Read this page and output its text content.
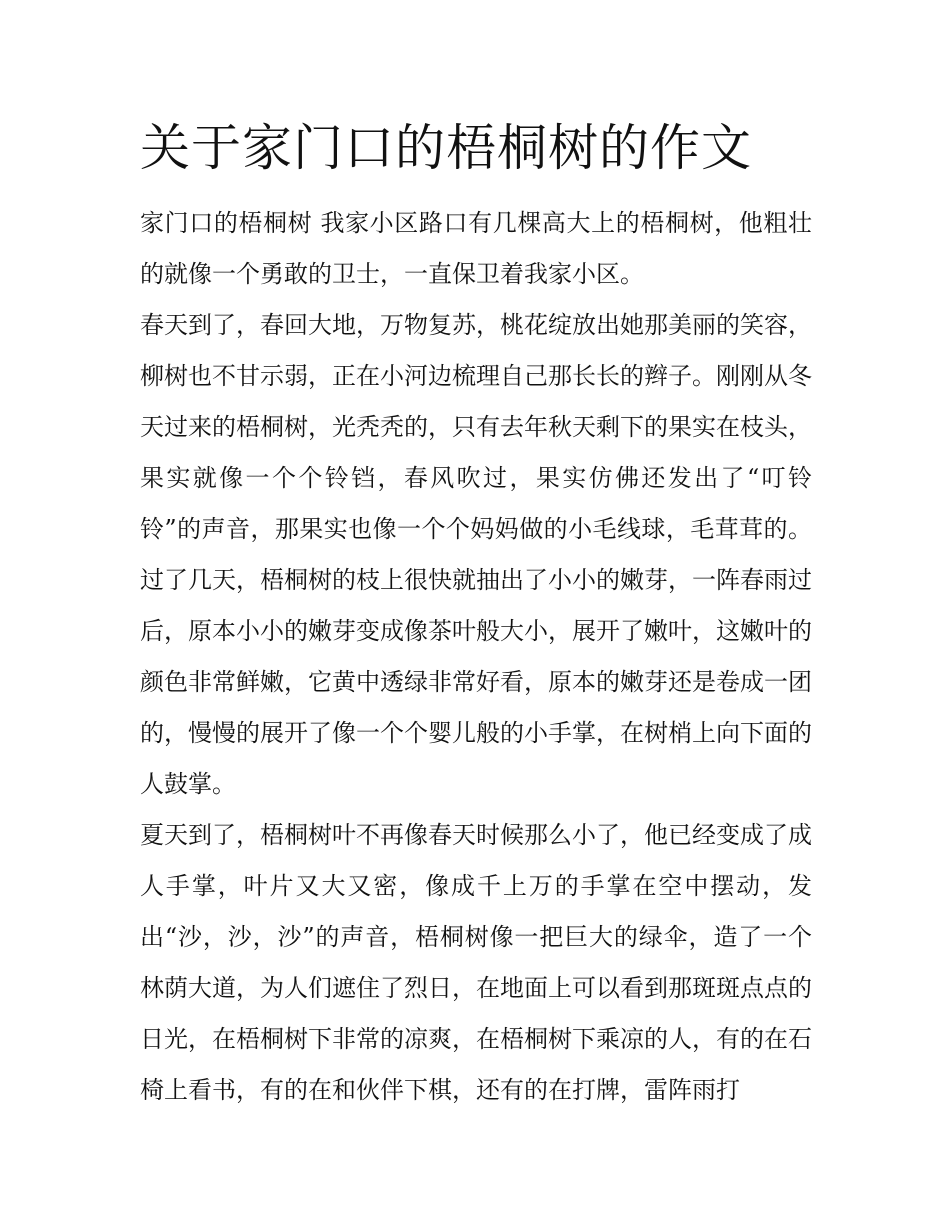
关于家门口的梧桐树的作文

家门口的梧桐树 我家小区路口有几棵高大上的梧桐树，他粗壮的就像一个勇敢的卫士，一直保卫着我家小区。

春天到了，春回大地，万物复苏，桃花绽放出她那美丽的笑容，柳树也不甘示弱，正在小河边梳理自己那长长的辫子。刚刚从冬天过来的梧桐树，光秃秃的，只有去年秋天剩下的果实在枝头，果实就像一个个铃铛，春风吹过，果实仿佛还发出了“叮铃铃”的声音，那果实也像一个个妈妈做的小毛线球，毛茸茸的。过了几天，梧桐树的枝上很快就抽出了小小的嫩芽，一阵春雨过后，原本小小的嫩芽变成像茶叶般大小，展开了嫩叶，这嫩叶的颜色非常鲜嫩，它黄中透绿非常好看，原本的嫩芽还是卷成一团的，慢慢的展开了像一个个婴儿般的小手掌，在树梢上向下面的人鼓掌。

夏天到了，梧桐树叶不再像春天时候那么小了，他已经变成了成人手掌，叶片又大又密，像成千上万的手掌在空中摆动，发出“沙，沙，沙”的声音，梧桐树像一把巨大的绿伞，造了一个林荫大道，为人们遮住了烈日，在地面上可以看到那斑斑点点的日光，在梧桐树下非常的凉爽，在梧桐树下乘凉的人，有的在石椅上看书，有的在和伙伴下棋，还有的在打牌，雷阵雨打
